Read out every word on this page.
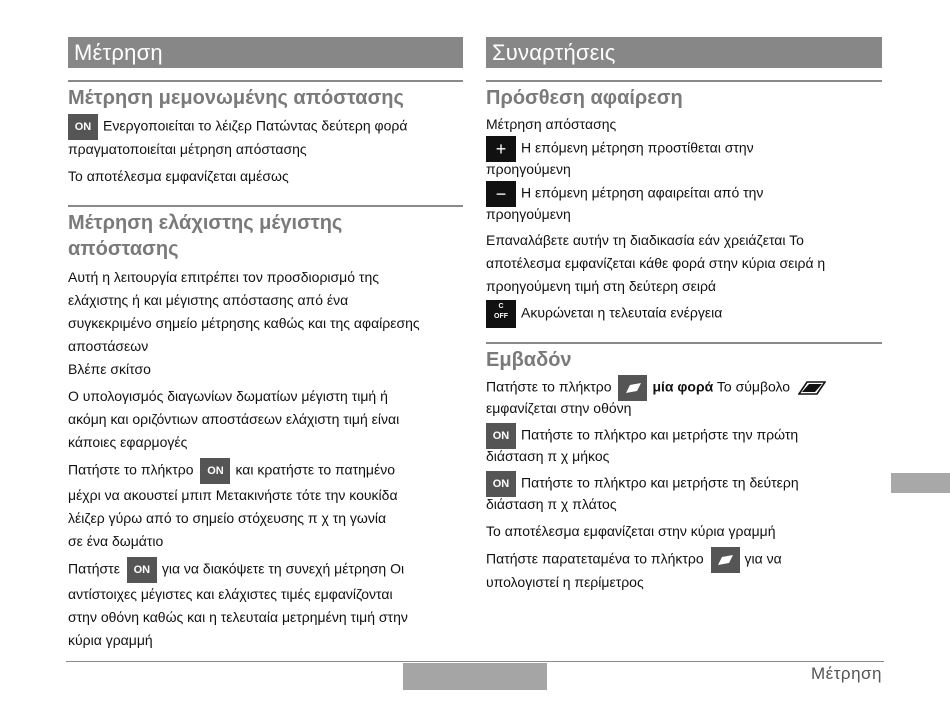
Μέτρηση
Μέτρηση μεμονωμένης απόστασης

ON Ενεργοποιείται το λέιζερ Πατώντας δεύτερη φορά

πραγματοποιείται μέτρηση απόστασης

Το αποτέλεσμα εμφανίζεται αμέσως

Μέτρηση ελάχιστης μέγιστης
απόστασης

Αυτή η λειτουργία επιτρέπει τον προσδιορισμό της

ελάχιστης ή και μέγιστης απόστασης από ένα

συγκεκριμένο σημείο μέτρησης καθώς και της αφαίρεσης

αποστάσεων

Βλέπε σκίτσο

Ο υπολογισμός διαγωνίων δωματίων μέγιστη τιμή ή

ακόμη και οριζόντιων αποστάσεων ελάχιστη τιμή είναι

κάποιες εφαρμογές

Πατήστε το πλήκτρο ON και κρατήστε το πατημένο

μέχρι να ακουστεί μπιπ Μετακινήστε τότε την κουκίδα

λέιζερ γύρω από το σημείο στόχευσης π χ τη γωνία

σε ένα δωμάτιο

Πατήστε ON για να διακόψετε τη συνεχή μέτρηση Οι

αντίστοιχες μέγιστες και ελάχιστες τιμές εμφανίζονται

στην οθόνη καθώς και η τελευταία μετρημένη τιμή στην

κύρια γραμμή

Συναρτήσεις
Πρόσθεση αφαίρεση

Μέτρηση απόστασης

+ Η επόμενη μέτρηση προστίθεται στην

προηγούμενη

− Η επόμενη μέτρηση αφαιρείται από την

προηγούμενη

Επαναλάβετε αυτήν τη διαδικασία εάν χρειάζεται Το

αποτέλεσμα εμφανίζεται κάθε φορά στην κύρια σειρά η

προηγούμενη τιμή στη δεύτερη σειρά

C
OFF Ακυρώνεται η τελευταία ενέργεια

Εμβαδόν

Πατήστε το πλήκτρο	μία φορά Το σύμβολο

εμφανίζεται στην οθόνη

ON Πατήστε το πλήκτρο και μετρήστε την πρώτη

διάσταση π χ μήκος

ON Πατήστε το πλήκτρο και μετρήστε τη δεύτερη

διάσταση π χ πλάτος

Το αποτέλεσμα εμφανίζεται στην κύρια γραμμή

Πατήστε παρατεταμένα το πλήκτρο	για να

υπολογιστεί η περίμετρος

Μέτρηση
